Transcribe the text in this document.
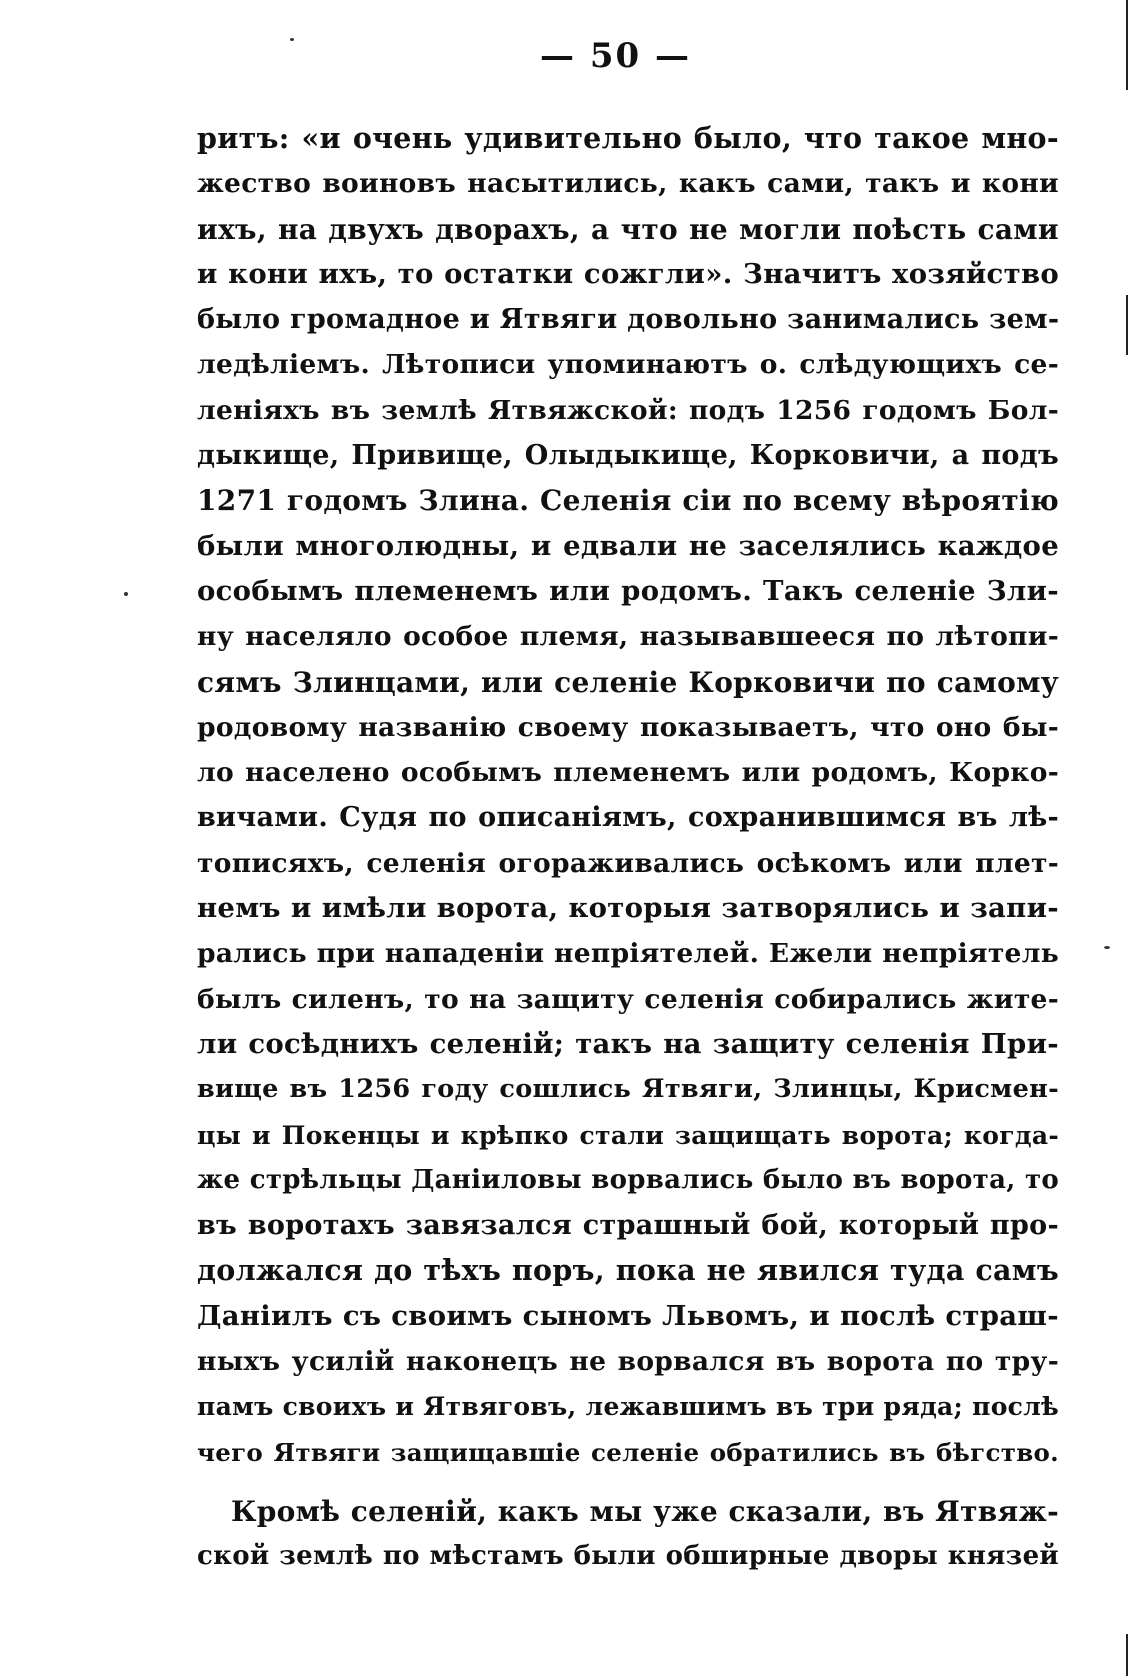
— 50 —
ритъ: «и очень удивительно было, что такое мно-
жество воиновъ насытились, какъ сами, такъ и кони
ихъ, на двухъ дворахъ, а что не могли поѣсть сами
и кони ихъ, то остатки сожгли». Значитъ хозяйство
было громадное и Ятвяги довольно занимались зем-
ледѣліемъ. Лѣтописи упоминаютъ о. слѣдующихъ се-
леніяхъ въ землѣ Ятвяжской: подъ 1256 годомъ Бол-
дыкище, Привище, Олыдыкище, Корковичи, а подъ
1271 годомъ Злина. Селенія сіи по всему вѣроятію
были многолюдны, и едвали не заселялись каждое
особымъ племенемъ или родомъ. Такъ селеніе Зли-
ну населяло особое племя, называвшееся по лѣтопи-
сямъ Злинцами, или селеніе Корковичи по самому
родовому названію своему показываетъ, что оно бы-
ло населено особымъ племенемъ или родомъ, Корко-
вичами. Судя по описаніямъ, сохранившимся въ лѣ-
тописяхъ, селенія огораживались осѣкомъ или плет-
немъ и имѣли ворота, которыя затворялись и запи-
рались при нападеніи непріятелей. Ежели непріятель
былъ силенъ, то на защиту селенія собирались жите-
ли сосѣднихъ селеній; такъ на защиту селенія При-
вище въ 1256 году сошлись Ятвяги, Злинцы, Крисмен-
цы и Покенцы и крѣпко стали защищать ворота; когда-
же стрѣльцы Даніиловы ворвались было въ ворота, то
въ воротахъ завязался страшный бой, который про-
должался до тѣхъ поръ, пока не явился туда самъ
Даніилъ съ своимъ сыномъ Львомъ, и послѣ страш-
ныхъ усилій наконецъ не ворвался въ ворота по тру-
памъ своихъ и Ятвяговъ, лежавшимъ въ три ряда; послѣ
чего Ятвяги защищавшіе селеніе обратились въ бѣгство.
Кромѣ селеній, какъ мы уже сказали, въ Ятвяж-
ской землѣ по мѣстамъ были обширные дворы князей
